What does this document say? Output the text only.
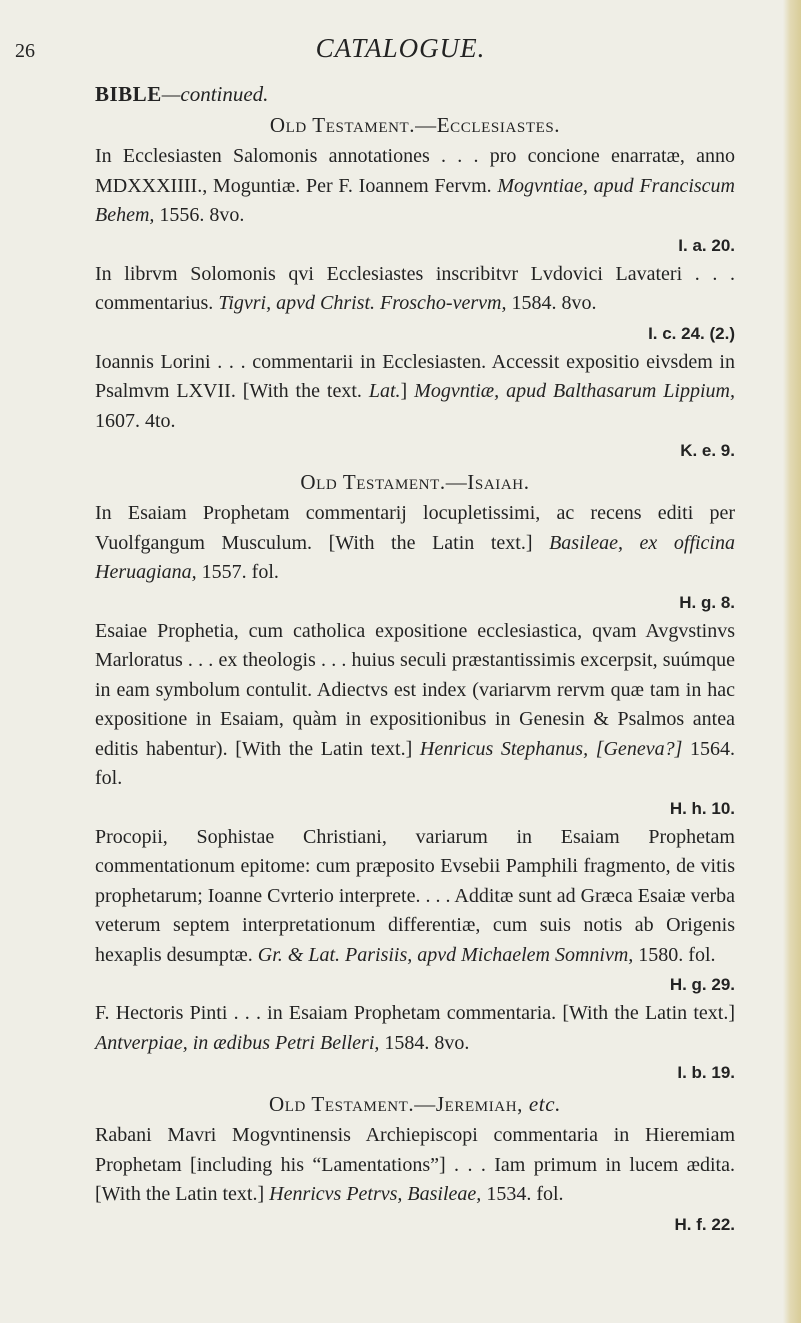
26	CATALOGUE.
BIBLE—continued.
Old Testament.—Ecclesiastes.
In Ecclesiasten Salomonis annotationes . . . pro concione enarratæ, anno MDXXXIIII., Moguntiæ. Per F. Ioannem Fervm. Mogvntiae, apud Franciscum Behem, 1556. 8vo.
I. a. 20.
In librvm Solomonis qvi Ecclesiastes inscribitvr Lvdovici Lavateri . . . commentarius. Tigvri, apvd Christ. Froscho-vervm, 1584. 8vo.
I. c. 24. (2.)
Ioannis Lorini . . . commentarii in Ecclesiasten. Accessit expositio eivsdem in Psalmvm LXVII. [With the text. Lat.] Mogvntiæ, apud Balthasarum Lippium, 1607. 4to.
K. e. 9.
Old Testament.—Isaiah.
In Esaiam Prophetam commentarij locupletissimi, ac recens editi per Vuolfgangum Musculum. [With the Latin text.] Basileae, ex officina Heruagiana, 1557. fol.
H. g. 8.
Esaiae Prophetia, cum catholica expositione ecclesiastica, qvam Avgvstinvs Marloratus . . . ex theologis . . . huius seculi præstantissimis excerpsit, suúmque in eam symbolum contulit. Adiectvs est index (variarvm rervm quæ tam in hac expositione in Esaiam, quàm in expositionibus in Genesin & Psalmos antea editis habentur). [With the Latin text.] Henricus Stephanus, [Geneva?] 1564. fol.
H. h. 10.
Procopii, Sophistae Christiani, variarum in Esaiam Prophetam commentationum epitome: cum præposito Evsebii Pamphili fragmento, de vitis prophetarum; Ioanne Cvrterio interprete. . . . Additæ sunt ad Græca Esaiæ verba veterum septem interpretationum differentiæ, cum suis notis ab Origenis hexaplis desumptæ. Gr. & Lat. Parisiis, apvd Michaelem Somnivm, 1580. fol.
H. g. 29.
F. Hectoris Pinti . . . in Esaiam Prophetam commentaria. [With the Latin text.] Antverpiae, in ædibus Petri Belleri, 1584. 8vo.
I. b. 19.
Old Testament.—Jeremiah, etc.
Rabani Mavri Mogvntinensis Archiepiscopi commentaria in Hieremiam Prophetam [including his “Lamentations”] . . . Iam primum in lucem ædita. [With the Latin text.] Henricvs Petrvs, Basileae, 1534. fol.
H. f. 22.
